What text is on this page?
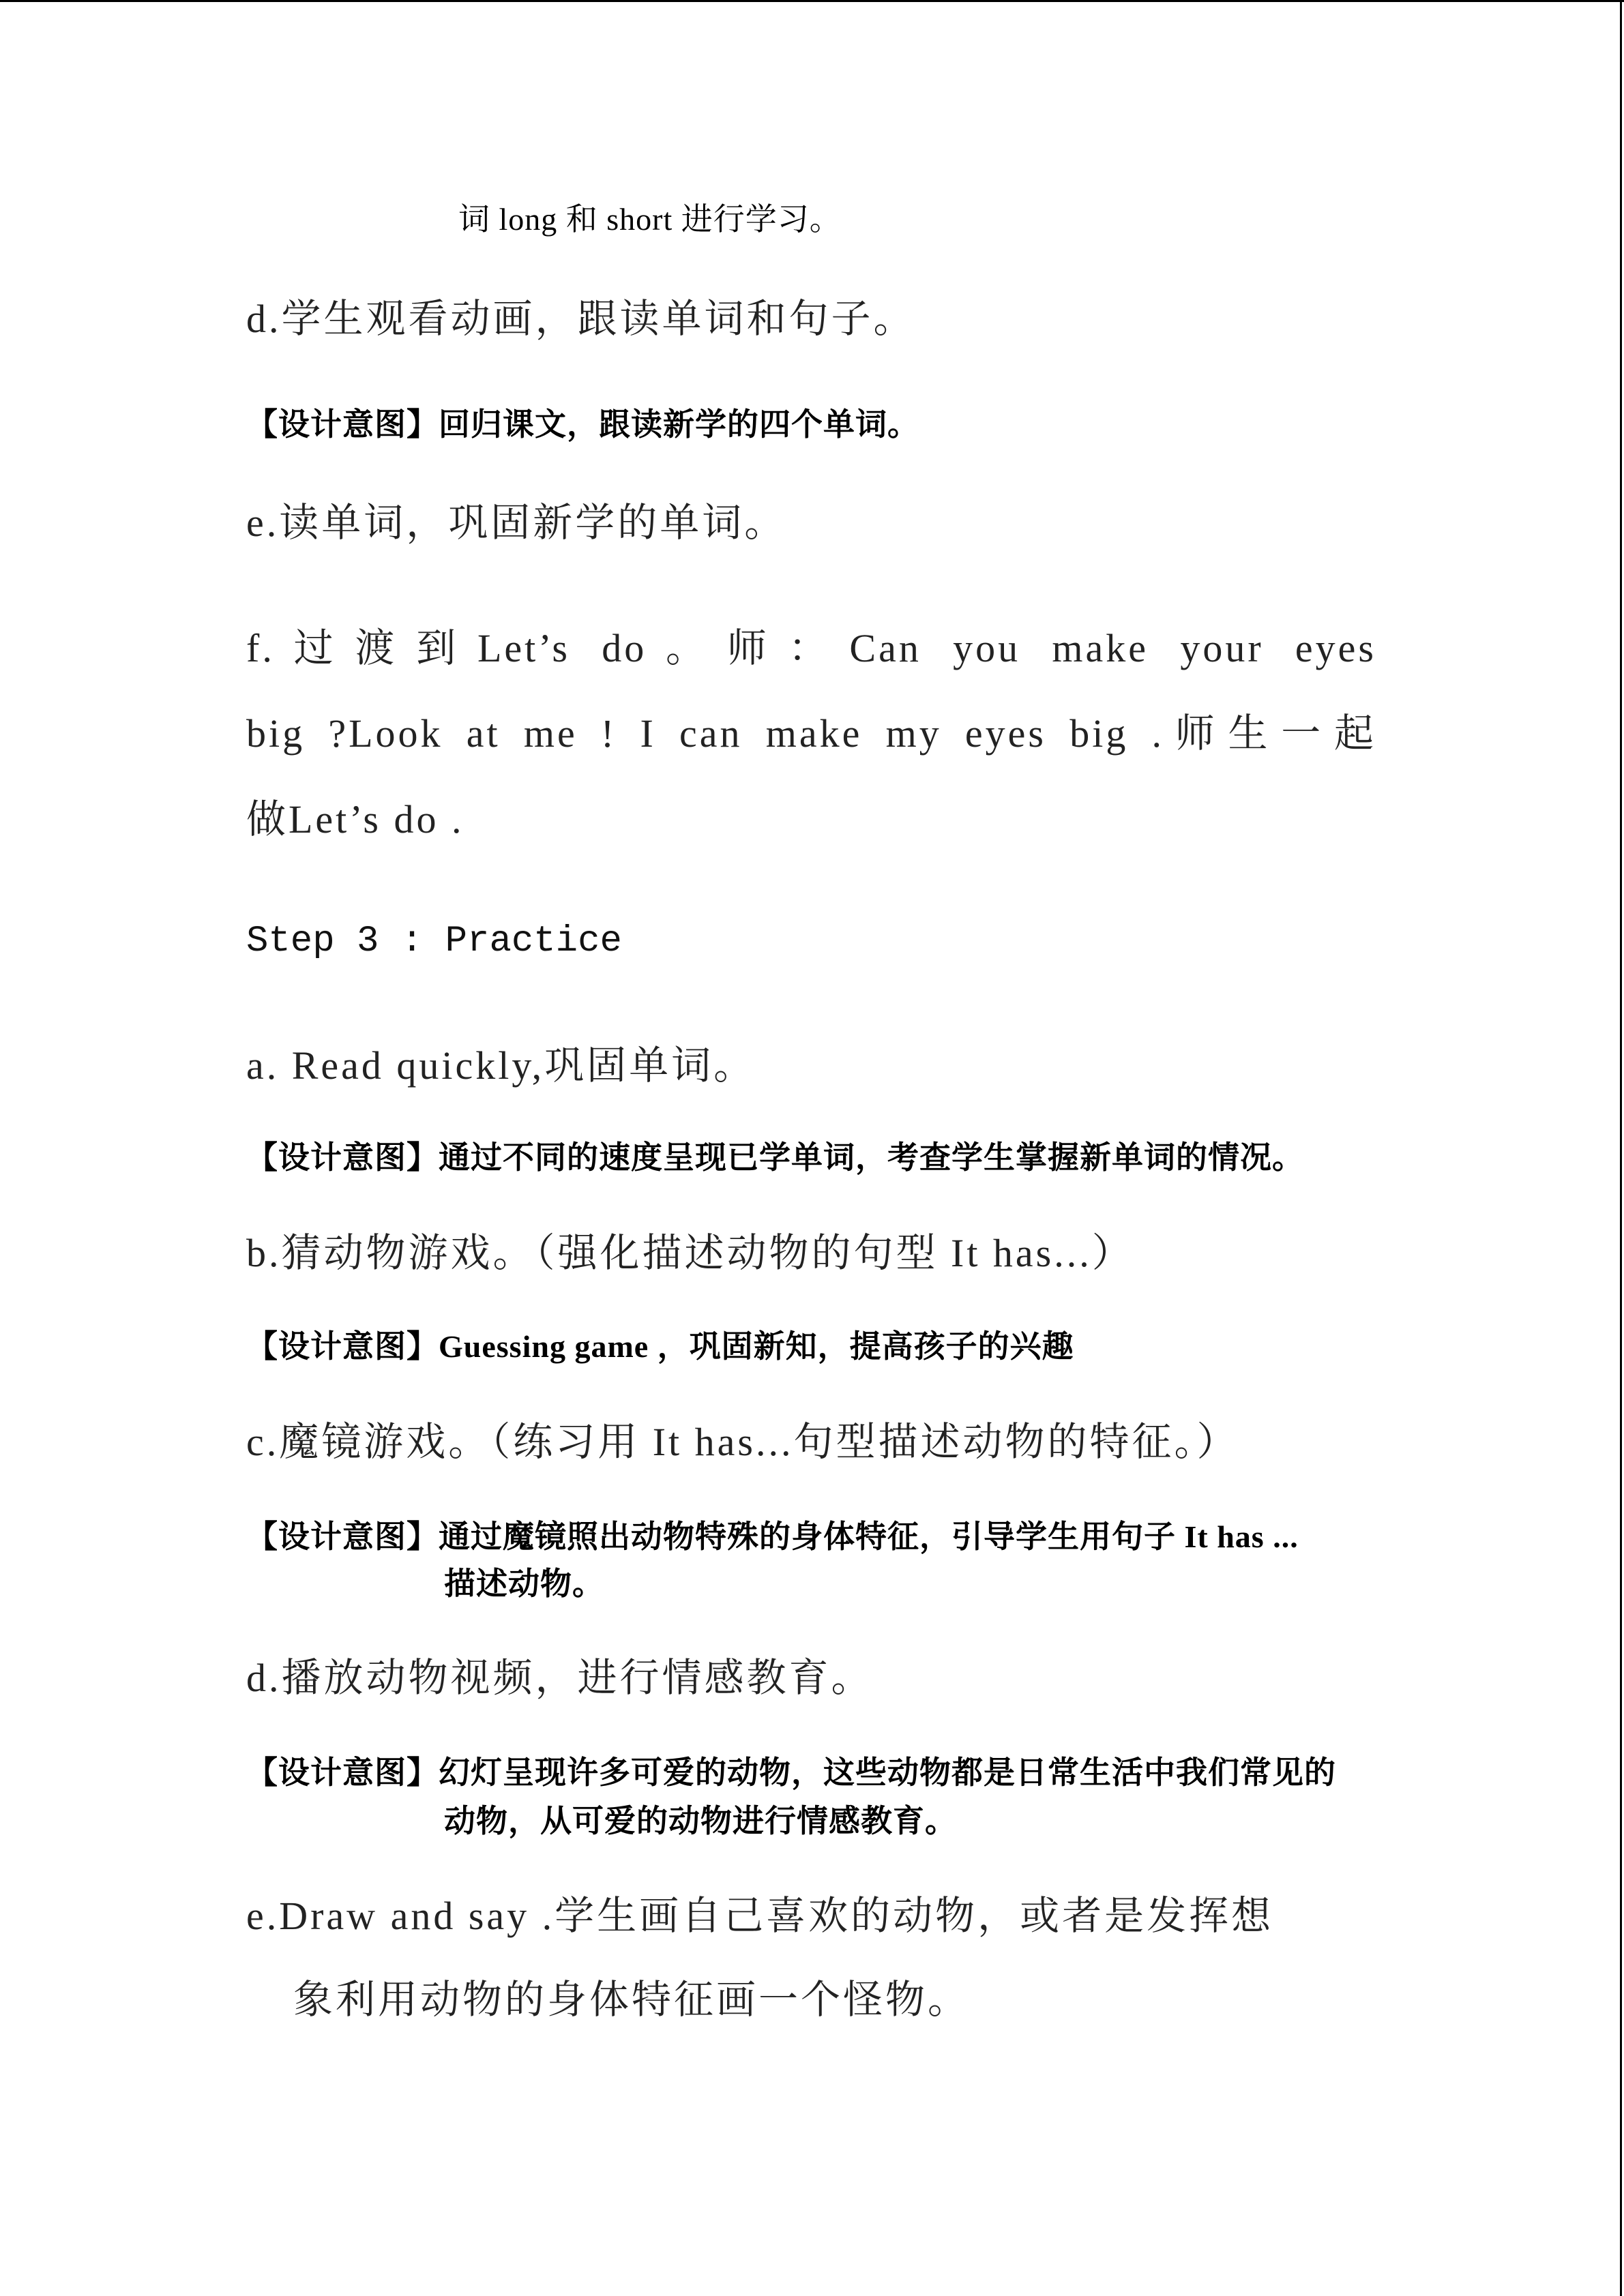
词 long 和 short 进行学习。
d.学生观看动画，跟读单词和句子。
【设计意图】回归课文，跟读新学的四个单词。
e.读单词，巩固新学的单词。
f.过渡到Let’s do。师：Can you make your eyes
big ?Look at me ! I can make my eyes big .师生一起
做Let’s do .
Step 3 : Practice
a. Read quickly,巩固单词。
【设计意图】通过不同的速度呈现已学单词，考查学生掌握新单词的情况。
b.猜动物游戏。（强化描述动物的句型 It has...）
【设计意图】Guessing game ，巩固新知，提高孩子的兴趣
c.魔镜游戏。（练习用 It has...句型描述动物的特征。）
【设计意图】通过魔镜照出动物特殊的身体特征，引导学生用句子 It has ...
描述动物。
d.播放动物视频，进行情感教育。
【设计意图】幻灯呈现许多可爱的动物，这些动物都是日常生活中我们常见的
动物，从可爱的动物进行情感教育。
e.Draw and say .学生画自己喜欢的动物，或者是发挥想
象利用动物的身体特征画一个怪物。
